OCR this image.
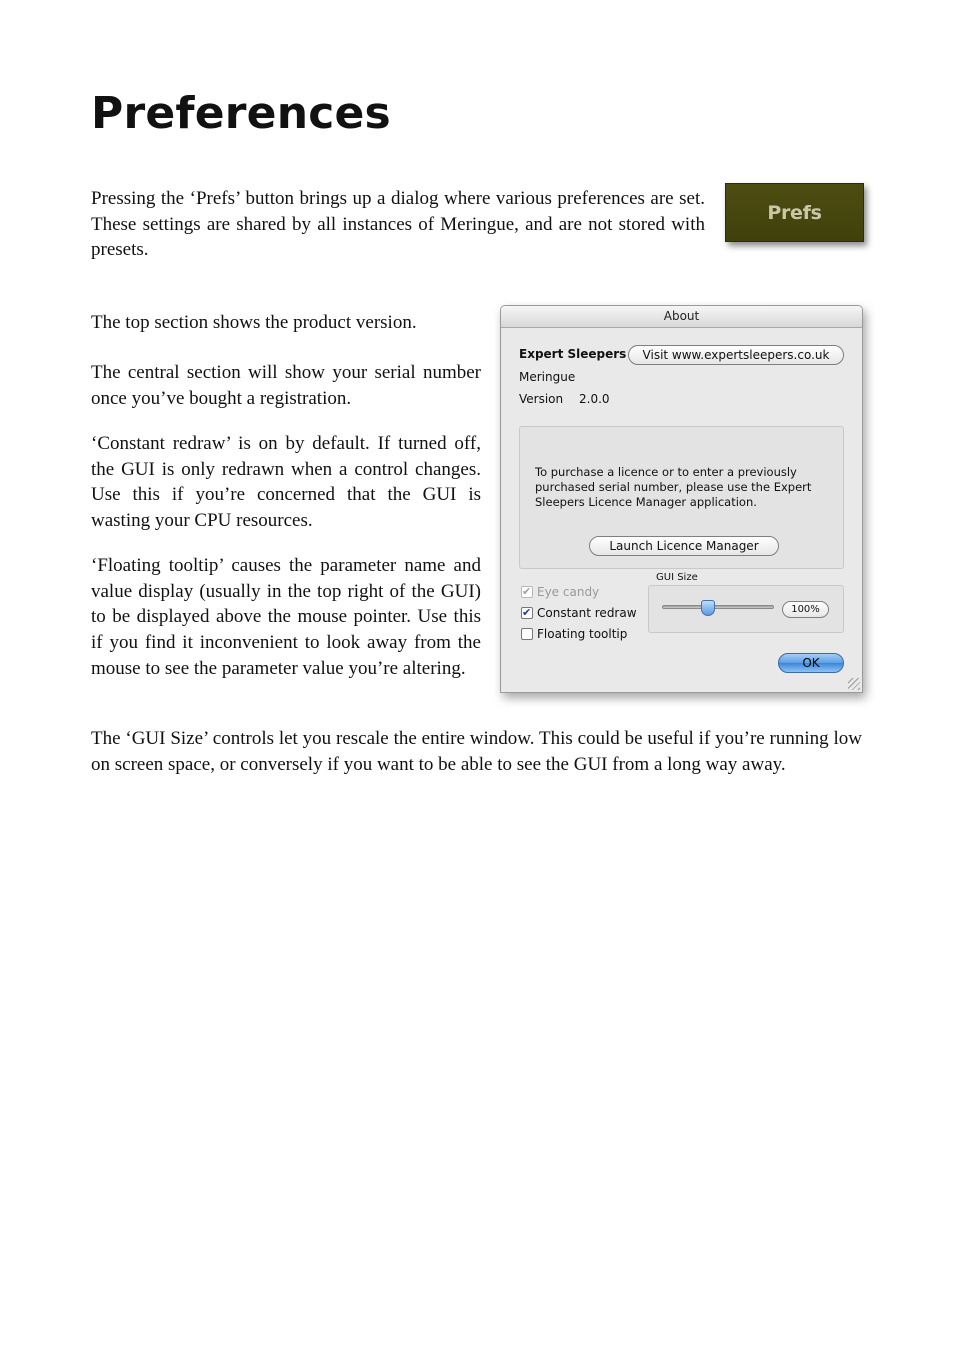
Preferences

Pressing the ‘Prefs’ button brings up a dialog where various preferences are set. These settings are shared by all instances of Meringue, and are not stored with presets.

Prefs

The top section shows the product version.

The central section will show your serial number once you’ve bought a registration.

‘Constant redraw’ is on by default. If turned off, the GUI is only redrawn when a control changes. Use this if you’re concerned that the GUI is wasting your CPU resources.

‘Floating tooltip’ causes the parameter name and value display (usually in the top right of the GUI) to be displayed above the mouse pointer. Use this if you find it inconvenient to look away from the mouse to see the parameter value you’re altering.

The ‘GUI Size’ controls let you rescale the entire window. This could be useful if you’re running low on screen space, or conversely if you want to be able to see the GUI from a long way away.

About
Expert Sleepers	Visit www.expertsleepers.co.uk
Meringue
Version 2.0.0
To purchase a licence or to enter a previously purchased serial number, please use the Expert Sleepers Licence Manager application.
Launch Licence Manager
✔
Eye candy
✔
Constant redraw
Floating tooltip
GUI Size
100%
OK
